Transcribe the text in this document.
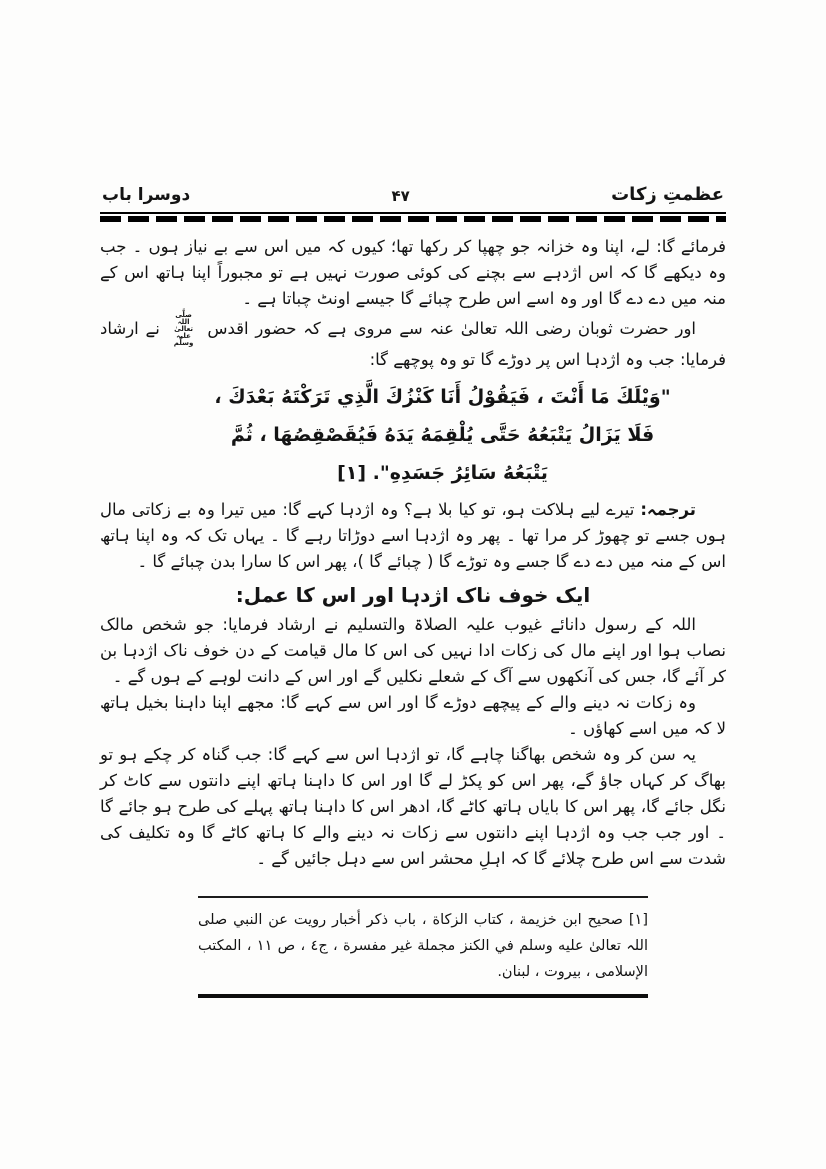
عظمتِ زکات
۴۷
دوسرا باب

فرمائے گا: لے، اپنا وہ خزانہ جو چھپا کر رکھا تھا؛ کیوں کہ میں اس سے بے نیاز ہوں ۔ جب وہ دیکھے گا کہ اس اژدہے سے بچنے کی کوئی صورت نہیں ہے تو مجبوراً اپنا ہاتھ اس کے منہ میں دے دے گا اور وہ اسے اس طرح چبائے گا جیسے اونٹ چباتا ہے ۔

اور حضرت ثوبان رضی اللہ تعالیٰ عنہ سے مروی ہے کہ حضور اقدس صلَّی اللہ تعالیٰ علیہ وسلَّم نے ارشاد فرمایا: جب وہ اژدہا اس پر دوڑے گا تو وہ پوچھے گا:

"وَيْلَكَ مَا أَنْتَ ، فَيَقُوْلُ أَنَا كَنْزُكَ الَّذِي تَرَكْتَهُ بَعْدَكَ ، فَلَا يَزَالُ يَتْبَعُهُ حَتَّى يُلْقِمَهُ يَدَهُ فَيُقَصْقِصُهَا ، ثُمَّ يَتْبَعُهُ سَائِرُ جَسَدِهِ". [١]

ترجمہ: تیرے لیے ہلاکت ہو، تو کیا بلا ہے؟ وہ اژدہا کہے گا: میں تیرا وہ بے زکاتی مال ہوں جسے تو چھوڑ کر مرا تھا ۔ پھر وہ اژدہا اسے دوڑاتا رہے گا ۔ یہاں تک کہ وہ اپنا ہاتھ اس کے منہ میں دے دے گا جسے وہ توڑے گا ( چبائے گا )، پھر اس کا سارا بدن چبائے گا ۔

ایک خوف ناک اژدہا اور اس کا عمل:

اللہ کے رسول دانائے غیوب علیہ الصلاۃ والتسلیم نے ارشاد فرمایا: جو شخص مالک نصاب ہوا اور اپنے مال کی زکات ادا نہیں کی اس کا مال قیامت کے دن خوف ناک اژدہا بن کر آئے گا، جس کی آنکھوں سے آگ کے شعلے نکلیں گے اور اس کے دانت لوہے کے ہوں گے ۔

وہ زکات نہ دینے والے کے پیچھے دوڑے گا اور اس سے کہے گا: مجھے اپنا داہنا بخیل ہاتھ لا کہ میں اسے کھاؤں ۔

یہ سن کر وہ شخص بھاگنا چاہے گا، تو اژدہا اس سے کہے گا: جب گناہ کر چکے ہو تو بھاگ کر کہاں جاؤ گے، پھر اس کو پکڑ لے گا اور اس کا داہنا ہاتھ اپنے دانتوں سے کاٹ کر نگل جائے گا، پھر اس کا بایاں ہاتھ کاٹے گا، ادھر اس کا داہنا ہاتھ پہلے کی طرح ہو جائے گا ۔ اور جب جب وہ اژدہا اپنے دانتوں سے زکات نہ دینے والے کا ہاتھ کاٹے گا وہ تکلیف کی شدت سے اس طرح چلائے گا کہ اہلِ محشر اس سے دہل جائیں گے ۔

[١] صحیح ابن خزیمة ، کتاب الزکاة ، باب ذکر أخبار رویت عن النبي صلی اللہ تعالیٰ علیه وسلم في الکنز مجملة غیر مفسرة ، ج٤ ، ص ١١ ، المکتب الإسلامی ، بیروت ، لبنان.
